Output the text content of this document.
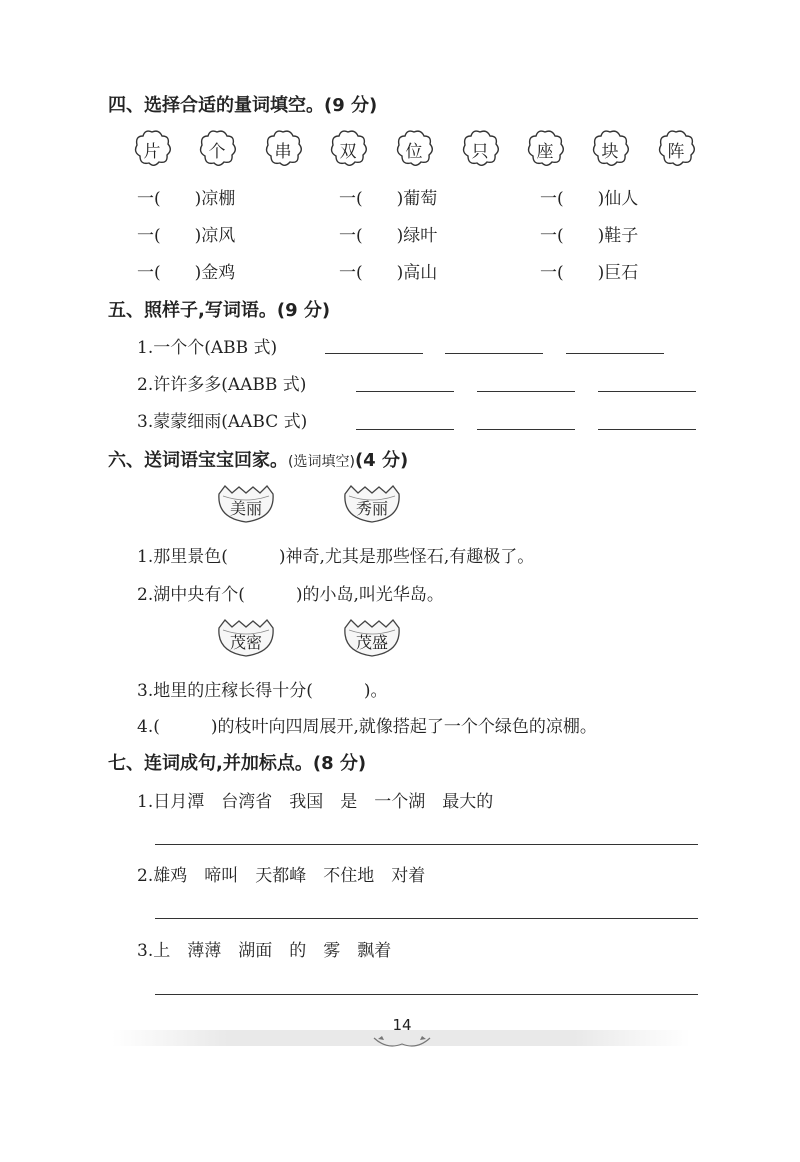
四、选择合适的量词填空。(9 分)
片	个	串	双	位	只	座	块	阵
一(　　)凉棚	一(　　)葡萄	一(　　)仙人
一(　　)凉风	一(　　)绿叶	一(　　)鞋子
一(　　)金鸡	一(　　)高山	一(　　)巨石
五、照样子,写词语。(9 分)
1.一个个(ABB 式)
2.许许多多(AABB 式)
3.蒙蒙细雨(AABC 式)
六、送词语宝宝回家。(选词填空)(4 分)
美丽	秀丽
1.那里景色(　　　)神奇,尤其是那些怪石,有趣极了。
2.湖中央有个(　　　)的小岛,叫光华岛。
茂密	茂盛
3.地里的庄稼长得十分(　　　)。
4.(　　　)的枝叶向四周展开,就像搭起了一个个绿色的凉棚。
七、连词成句,并加标点。(8 分)
1.日月潭　台湾省　我国　是　一个湖　最大的
2.雄鸡　啼叫　天都峰　不住地　对着
3.上　薄薄　湖面　的　雾　飘着
14
